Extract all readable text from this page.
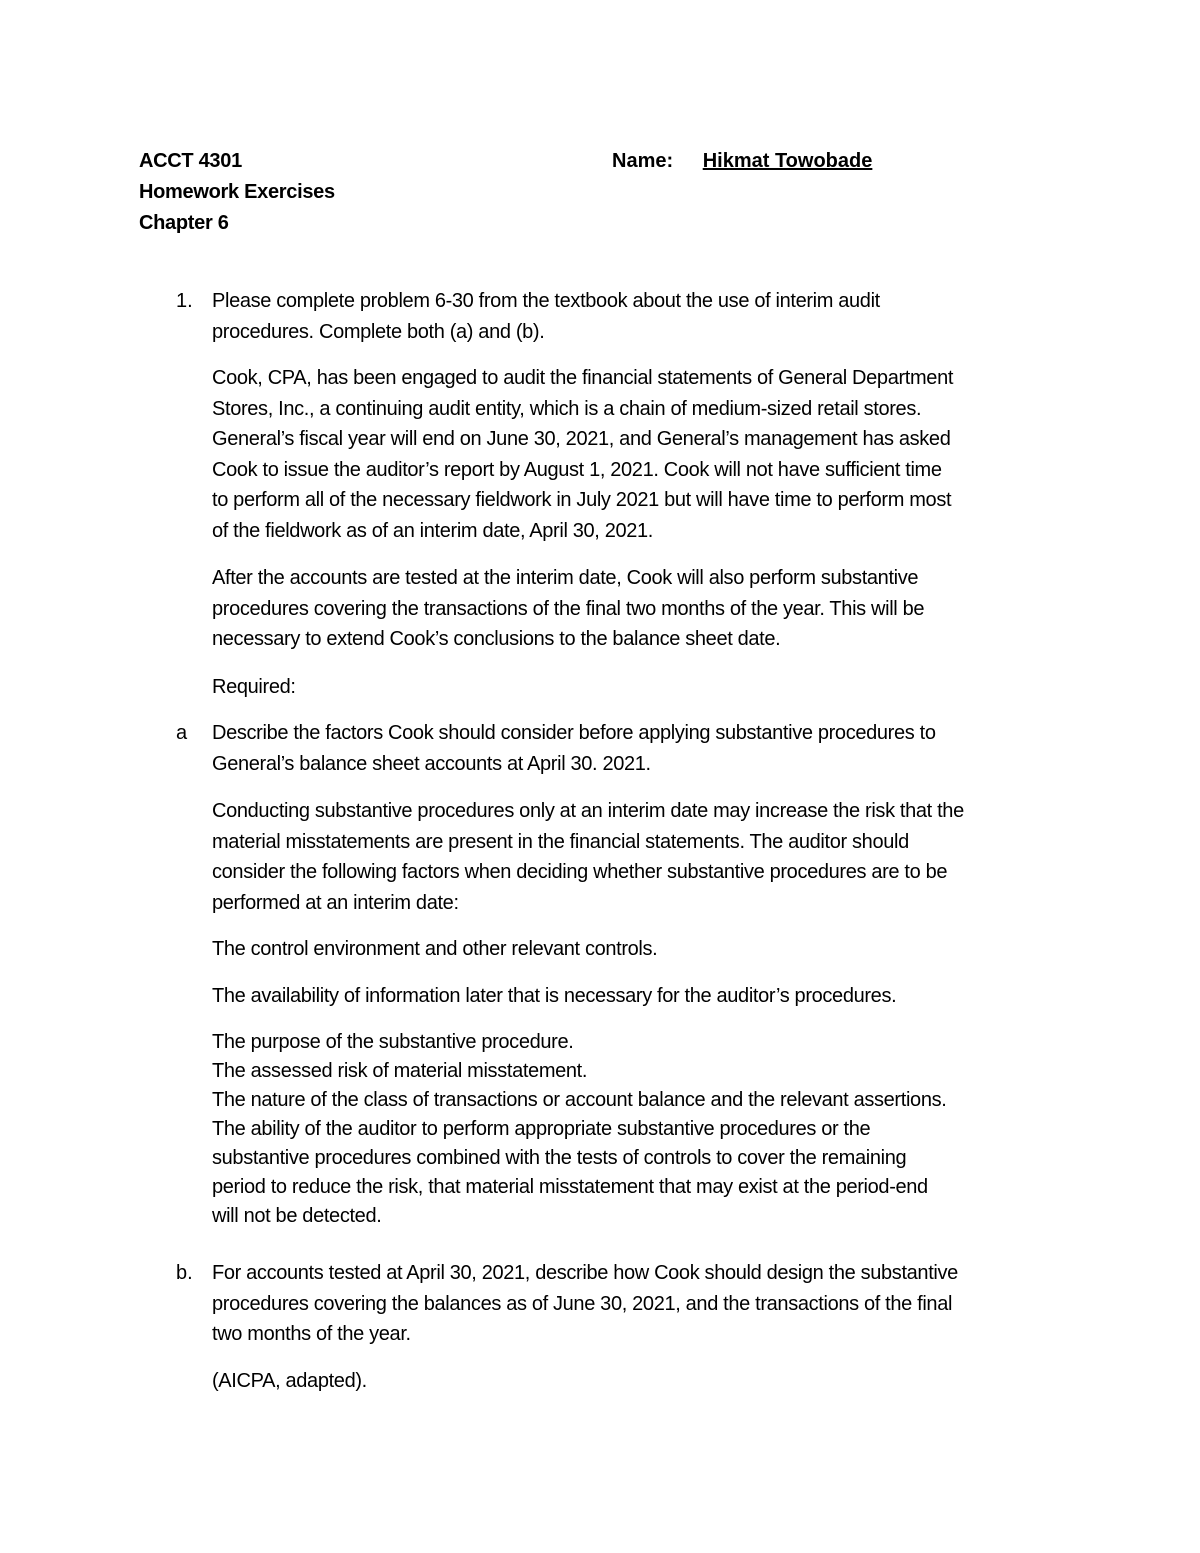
ACCT 4301
Homework Exercises
Chapter 6
Name: Hikmat Towobade
1. Please complete problem 6-30 from the textbook about the use of interim audit
procedures. Complete both (a) and (b).
Cook, CPA, has been engaged to audit the financial statements of General Department
Stores, Inc., a continuing audit entity, which is a chain of medium-sized retail stores.
General’s fiscal year will end on June 30, 2021, and General’s management has asked
Cook to issue the auditor’s report by August 1, 2021. Cook will not have sufficient time
to perform all of the necessary fieldwork in July 2021 but will have time to perform most
of the fieldwork as of an interim date, April 30, 2021.
After the accounts are tested at the interim date, Cook will also perform substantive
procedures covering the transactions of the final two months of the year. This will be
necessary to extend Cook’s conclusions to the balance sheet date.
Required:
a Describe the factors Cook should consider before applying substantive procedures to
General’s balance sheet accounts at April 30. 2021.
Conducting substantive procedures only at an interim date may increase the risk that the
material misstatements are present in the financial statements. The auditor should
consider the following factors when deciding whether substantive procedures are to be
performed at an interim date:
The control environment and other relevant controls.
The availability of information later that is necessary for the auditor’s procedures.
The purpose of the substantive procedure.
The assessed risk of material misstatement.
The nature of the class of transactions or account balance and the relevant assertions.
The ability of the auditor to perform appropriate substantive procedures or the
substantive procedures combined with the tests of controls to cover the remaining
period to reduce the risk, that material misstatement that may exist at the period-end
will not be detected.
b. For accounts tested at April 30, 2021, describe how Cook should design the substantive
procedures covering the balances as of June 30, 2021, and the transactions of the final
two months of the year.
(AICPA, adapted).
